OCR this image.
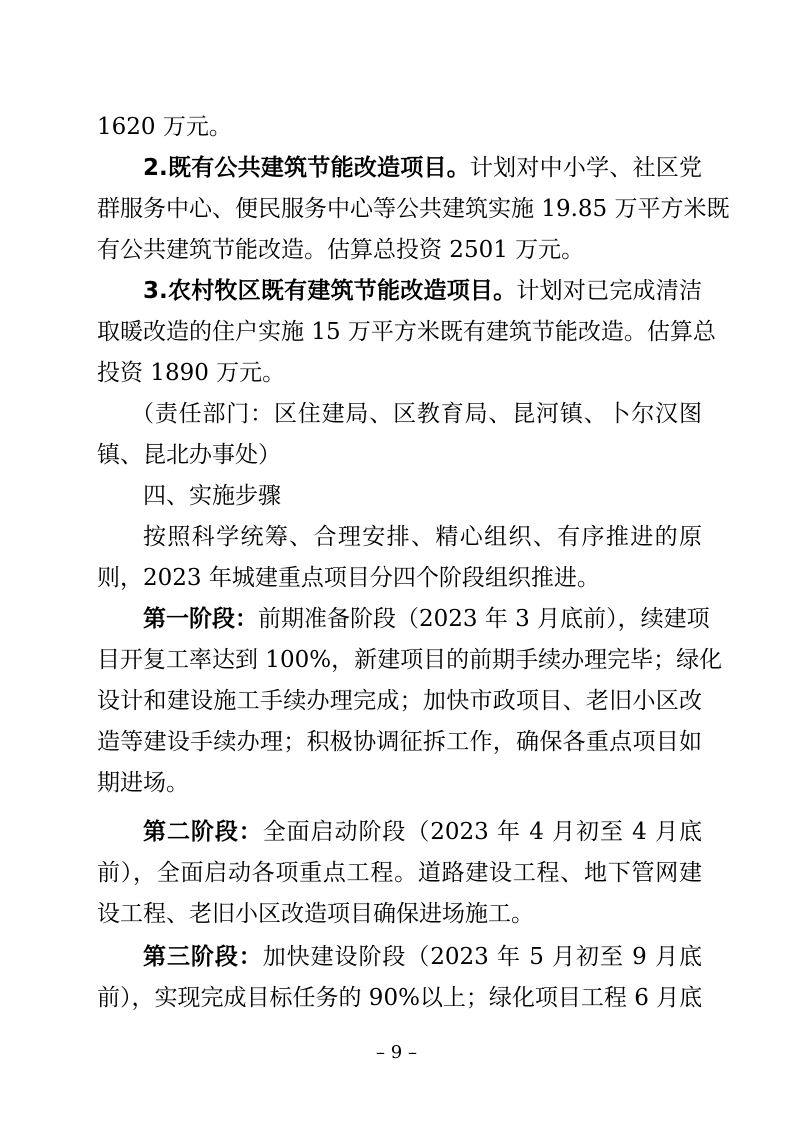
1620 万元。
2.既有公共建筑节能改造项目。计划对中小学、社区党
群服务中心、便民服务中心等公共建筑实施 19.85 万平方米既
有公共建筑节能改造。估算总投资 2501 万元。
3.农村牧区既有建筑节能改造项目。计划对已完成清洁
取暖改造的住户实施 15 万平方米既有建筑节能改造。估算总
投资 1890 万元。
（责任部门：区住建局、区教育局、昆河镇、卜尔汉图
镇、昆北办事处）
四、实施步骤
按照科学统筹、合理安排、精心组织、有序推进的原
则，2023 年城建重点项目分四个阶段组织推进。
第一阶段：前期准备阶段（2023 年 3 月底前），续建项
目开复工率达到 100%，新建项目的前期手续办理完毕；绿化
设计和建设施工手续办理完成；加快市政项目、老旧小区改
造等建设手续办理；积极协调征拆工作，确保各重点项目如
期进场。
第二阶段：全面启动阶段（2023 年 4 月初至 4 月底
前），全面启动各项重点工程。道路建设工程、地下管网建
设工程、老旧小区改造项目确保进场施工。
第三阶段：加快建设阶段（2023 年 5 月初至 9 月底
前），实现完成目标任务的 90%以上；绿化项目工程 6 月底
– 9 –
